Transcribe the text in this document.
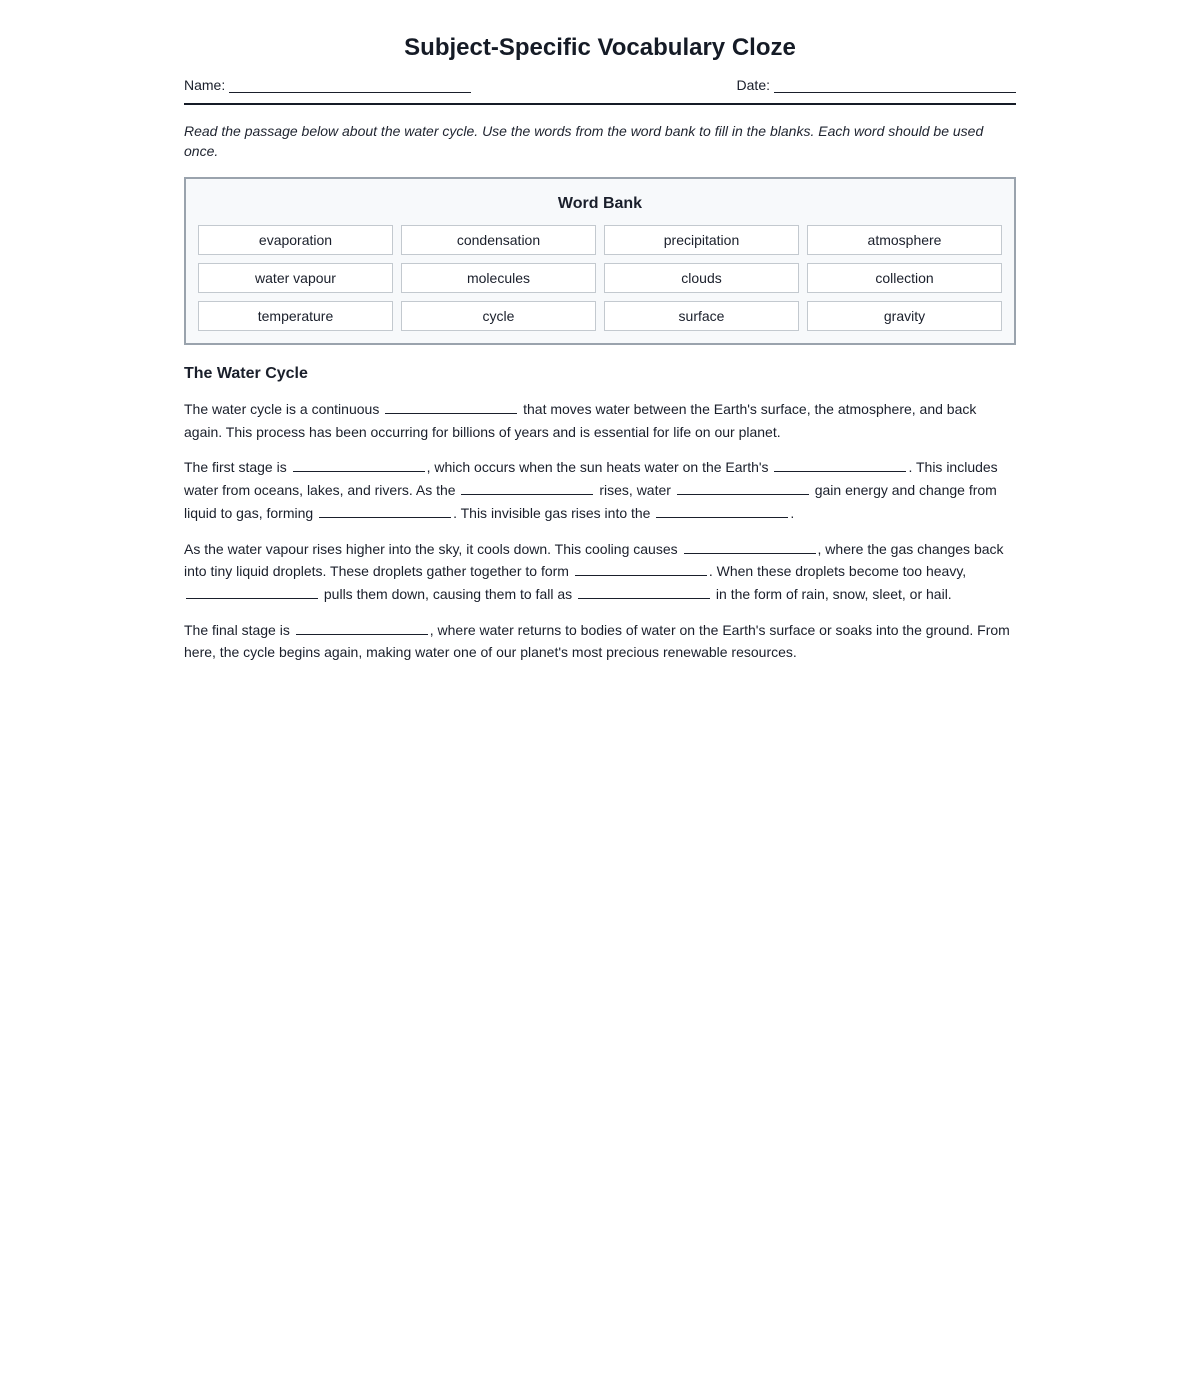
Subject-Specific Vocabulary Cloze
Name:	Date:

Read the passage below about the water cycle. Use the words from the word bank to fill in the blanks. Each word should be used once.

Word Bank
evaporation	condensation	precipitation	atmosphere
water vapour	molecules	clouds	collection
temperature	cycle	surface	gravity
The Water Cycle

The water cycle is a continuous	that moves water between the Earth's surface, the atmosphere, and back again. This process has been occurring for billions of years and is essential for life on our planet.

The first stage is	, which occurs when the sun heats water on the Earth's	. This includes water from oceans, lakes, and rivers. As the	rises, water	gain energy and change from liquid to gas, forming	. This invisible gas rises into the	.

As the water vapour rises higher into the sky, it cools down. This cooling causes	, where the gas changes back into tiny liquid droplets. These droplets gather together to form	. When these droplets become too heavy,  pulls them down, causing them to fall as	in the form of rain, snow, sleet, or hail.

The final stage is	, where water returns to bodies of water on the Earth's surface or soaks into the ground. From here, the cycle begins again, making water one of our planet's most precious renewable resources.
